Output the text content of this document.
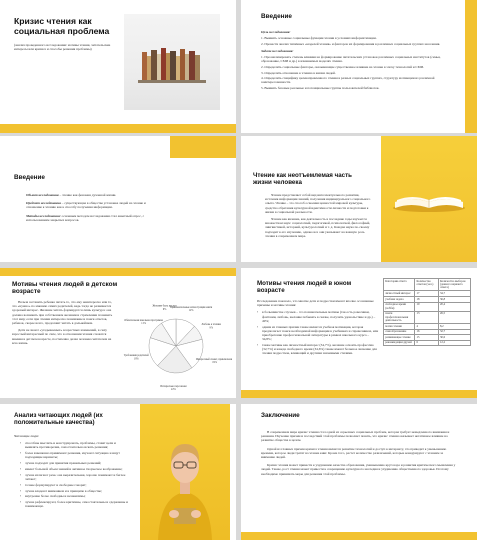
Кризис чтения как социальная проблема
(анализ проведенного исследования: мотивы чтения, читательские интересы или кризиса и способы решения проблемы)
Введение
Цель исследования:
1. Выявить основные социальные функции чтения в условиях информатизации.
2. Провести анализ типичных «моделей чтения» и факторов их формирования в различных социальных группах населения.
Задачи исследования:
1. Проанализировать степень влияния на формирование читательских установок различных социальных институтов (семья, образование, СМИ и др.) в изменяемых моделях чтения.
2. Определить социальные факторы, оказывающие существенное влияние на чтение в эпоху технологий и СМИ.
3. Определить отношение к чтению в жизни людей.
4. Определить специфику целенаправленного чтения в разных социальных группах, структуру мотивации из различной заинтересованности.
5. Выявить базовые реальные и потенциальные группы пользователей библиотек.
Введение

Объект исследования – чтение как феномен духовной жизни.

Предмет исследования – существующая в обществе установка людей на чтение и отношение к чтению как к способу получения информации.

Методы исследования: основным методом исследования стал анкетный опрос, с использованием закрытых вопросов.

Чтение как неотъемлемая часть жизни человека

Чтение представляет собой вид интеллектуального развития, источник информации знаний, получения индивидуального социального опыта. Чтение – это способ освоения ценностей мировой культуры, средство обретения культурной идентичности личности и подготовки к жизни в социальной реальности.

Чтение как явление, как деятельность в последние годы изучается множеством наук: социологией, педагогикой, психологией, философией, лингвистикой, историей, культурологией и т. д. Каждая наука по-своему подходит к его изучению, однако все они указывают на важную роль чтения в современном мире.

Мотивы чтения людей в детском возрасте

Нельзя заставить ребенка читать то, что ему неинтересно или то, что «нужно» по мнению самих родителей, ведь тогда не развивается здоровый интерес. Желание читать формируется лишь культура: она должна возникать при собственном желании и стремлении познавать этот мир; если при чтении интересно понимание и поиск ответов, ребенок, скорее всего, продолжит читать в дальнейшем.

Дети не знают «угадываемых» возрастных изменений, в силу взрослый интересный по силе, что в отношении чтения сложатся мнения в детском возрасте, постепенно делая человека читателем на всю жизнь.

Привлекательные иллюстрации книги 12%
Любовь к чтению 9%
Интересный сюжет, приключения 19%
Интересные персонажи 22%
Требования родителей 18%
Обязательная школьная программа 11%
Желание быть как все 9%
Мотивы чтения людей в юном возрасте

Исследование показало, что многие дети и подростки имеют вполне осознанные причины и мотивы чтения:

• в большинстве случаев – это познавательные мотивы (так есть ровесники, фантазии, любовь, желание побывать в сказке, получить удовольствие и др.) – 49%;
• одним из главных причин также является учебная мотивация, которая предполагает поиск необходимой информации в учебниках и справочниках, или приобретение профессиональной литературы в рамках школьного курса – 34,8%;
• также мотивы как личностный интерес (34,7%), желание освоить профессию (32,7%) и жажда свободного время (34,6%) также имеют большое значение для чтения подростков, влияющий и другими значимыми стилями.
Категории ответа	Количество ответов (чел.)	Количество выборок (данного варианта ответа)
личностный интерес	17	34,7
учебная задача	18	36,8
свободное время (хобби)	10	20,4
поиск профессиональная деятельность	13	26,5
мотив чтения	4	8,2
самообразование	16	32,7
развивающее чтение	15	30,6
рекомендации друзей	6	12,2
Анализ читающих людей (их положительные качества)

Читающие люди:

• способны мыслить и конструировать, проблемы, ставят цели и выявлять противоречия, самостоятельно искать решения;
• более взвешенно принимают решения, изучают ситуацию и ищут подходящие варианты;
• лучше подходят для принятия правильных решений;
• имеют большой объем знаний и активное творческое воображение;
• лучше излагают речь: она выразительная, хорошо понимают и беглее читают;
• точнее формулируют и свободнее говорят;
• лучше владеют вниманием и в принципе в обществе;
• внутренне более свободны и независимы;
• лучше рефлексируют, более критичны, самостоятельны и сдержанны и понимающи.
Заключение

В современном мире кризис чтения стал одной из серьезных социальных проблем, которая требует немедленного внимания и решения. Изучение причин и последствий этой проблемы позволяет понять, что кризис чтения оказывает негативное влияние на развитие общества в целом.

Одной из главных причин кризиса чтения является развитие технологий и доступ к интернету, что приводит к уменьшению времени, которое люди тратят на чтение книг. Кроме того, растет количество развлечений, которые конкурируют с чтением за внимание людей.

Кризис чтения может привести к ухудшению качества образования, уменьшению кругозора и развития критического мышления у людей. Также, рост чтения может привести к сокращению культурного наследия и ухудшению общественного здоровья. Поэтому необходимо принимать меры для решения этой проблемы.

Avito
